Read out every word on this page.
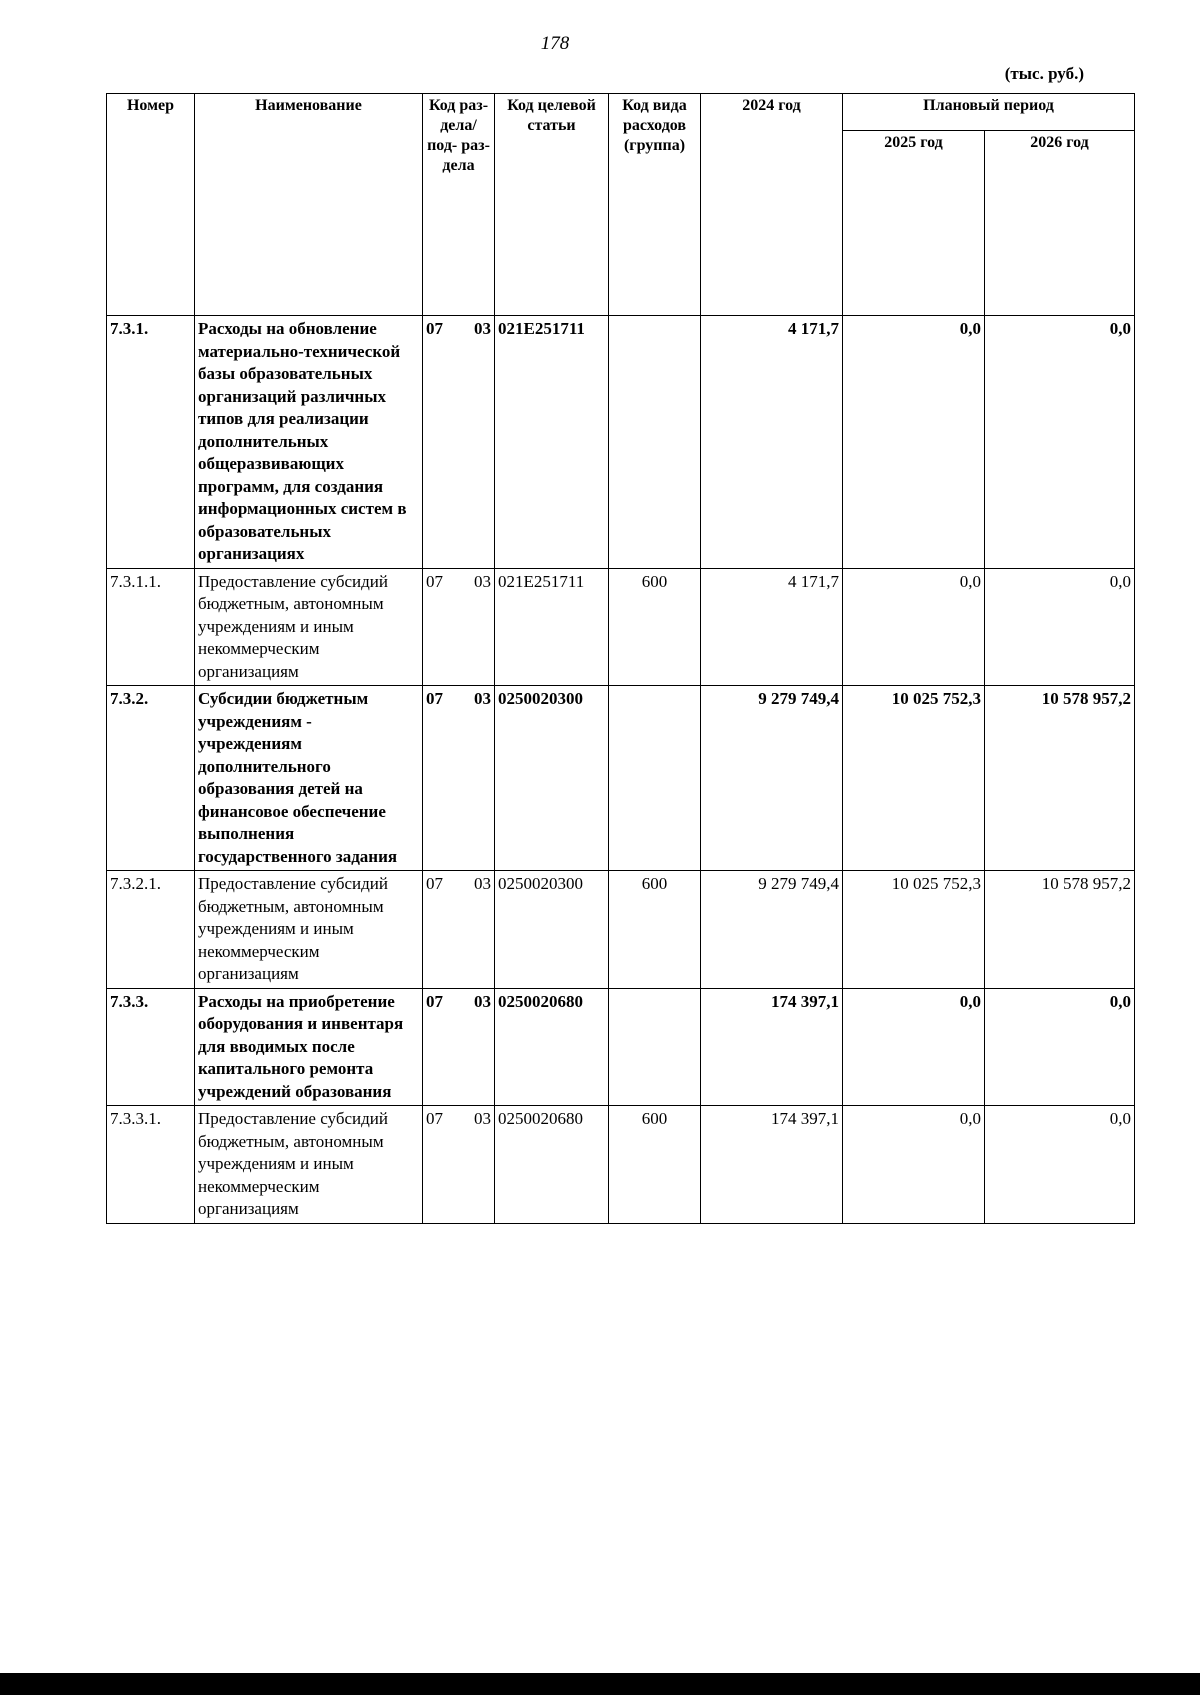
178
(тыс. руб.)
Номер	Наименование	Код раз- дела/ под- раз- дела	Код целевой статьи	Код вида расходов (группа)	2024 год	Плановый период	
						2025 год	2026 год
7.3.1.	Расходы на обновление материально-технической базы образовательных организаций различных типов для реализации дополнительных общеразвивающих программ, для создания информационных систем в образовательных организациях	07 03	021E251711		4 171,7	0,0	0,0
7.3.1.1.	Предоставление субсидий бюджетным, автономным учреждениям и иным некоммерческим организациям	07 03	021E251711	600	4 171,7	0,0	0,0
7.3.2.	Субсидии бюджетным учреждениям - учреждениям дополнительного образования детей на финансовое обеспечение выполнения государственного задания	07 03	0250020300		9 279 749,4	10 025 752,3	10 578 957,2
7.3.2.1.	Предоставление субсидий бюджетным, автономным учреждениям и иным некоммерческим организациям	07 03	0250020300	600	9 279 749,4	10 025 752,3	10 578 957,2
7.3.3.	Расходы на приобретение оборудования и инвентаря для вводимых после капитального ремонта учреждений образования	07 03	0250020680		174 397,1	0,0	0,0
7.3.3.1.	Предоставление субсидий бюджетным, автономным учреждениям и иным некоммерческим организациям	07 03	0250020680	600	174 397,1	0,0	0,0
